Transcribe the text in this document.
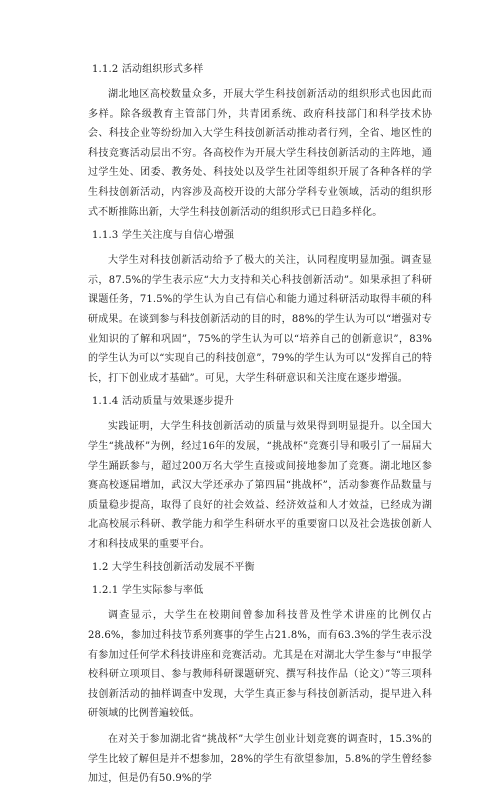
1.1.2 活动组织形式多样

湖北地区高校数量众多，开展大学生科技创新活动的组织形式也因此而多样。除各级教育主管部门外，共青团系统、政府科技部门和科学技术协会、科技企业等纷纷加入大学生科技创新活动推动者行列，全省、地区性的科技竞赛活动层出不穷。各高校作为开展大学生科技创新活动的主阵地，通过学生处、团委、教务处、科技处以及学生社团等组织开展了各种各样的学生科技创新活动，内容涉及高校开设的大部分学科专业领域，活动的组织形式不断推陈出新，大学生科技创新活动的组织形式已日趋多样化。

1.1.3 学生关注度与自信心增强

大学生对科技创新活动给予了极大的关注，认同程度明显加强。调查显示，87.5%的学生表示应“大力支持和关心科技创新活动”。如果承担了科研课题任务，71.5%的学生认为自己有信心和能力通过科研活动取得丰硕的科研成果。在谈到参与科技创新活动的目的时，88%的学生认为可以“增强对专业知识的了解和巩固”，75%的学生认为可以“培养自己的创新意识”，83%的学生认为可以“实现自己的科技创意”，79%的学生认为可以“发挥自己的特长，打下创业成才基础”。可见，大学生科研意识和关注度在逐步增强。

1.1.4 活动质量与效果逐步提升

实践证明，大学生科技创新活动的质量与效果得到明显提升。以全国大学生“挑战杯”为例，经过16年的发展，“挑战杯”竞赛引导和吸引了一届届大学生踊跃参与，超过200万名大学生直接或间接地参加了竞赛。湖北地区参赛高校逐届增加，武汉大学还承办了第四届“挑战杯”，活动参赛作品数量与质量稳步提高，取得了良好的社会效益、经济效益和人才效益，已经成为湖北高校展示科研、教学能力和学生科研水平的重要窗口以及社会选拔创新人才和科技成果的重要平台。

1.2 大学生科技创新活动发展不平衡
1.2.1 学生实际参与率低

调查显示，大学生在校期间曾参加科技普及性学术讲座的比例仅占28.6%，参加过科技节系列赛事的学生占21.8%，而有63.3%的学生表示没有参加过任何学术科技讲座和竞赛活动。尤其是在对湖北大学生参与“申报学校科研立项项目、参与教师科研课题研究、撰写科技作品（论文）”等三项科技创新活动的抽样调查中发现，大学生真正参与科技创新活动，提早进入科研领域的比例普遍较低。

在对关于参加湖北省“挑战杯”大学生创业计划竞赛的调查时，15.3%的学生比较了解但是并不想参加，28%的学生有欲望参加，5.8%的学生曾经参加过，但是仍有50.9%的学
